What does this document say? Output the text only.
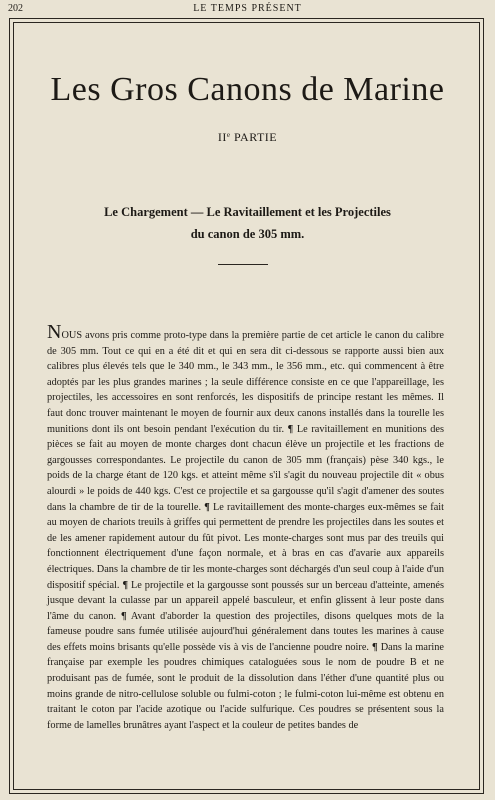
202	LE TEMPS PRÉSENT
Les Gros Canons de Marine
IIe PARTIE
Le Chargement — Le Ravitaillement et les Projectiles
du canon de 305 mm.

NOUS avons pris comme proto-type dans la première partie de cet article le canon du calibre de 305 mm. Tout ce qui en a été dit et qui en sera dit ci-dessous se rapporte aussi bien aux calibres plus élevés tels que le 340 mm., le 343 mm., le 356 mm., etc. qui commencent à être adoptés par les plus grandes marines ; la seule différence consiste en ce que l'appareillage, les projectiles, les accessoires en sont renforcés, les dispositifs de principe restant les mêmes. Il faut donc trouver maintenant le moyen de fournir aux deux canons installés dans la tourelle les munitions dont ils ont besoin pendant l'exécution du tir. ¶ Le ravitaillement en munitions des pièces se fait au moyen de monte charges dont chacun élève un projectile et les fractions de gargousses correspondantes. Le projectile du canon de 305 mm (français) pèse 340 kgs., le poids de la charge étant de 120 kgs. et atteint même s'il s'agit du nouveau projectile dit « obus alourdi » le poids de 440 kgs. C'est ce projectile et sa gargousse qu'il s'agit d'amener des soutes dans la chambre de tir de la tourelle. ¶ Le ravitaillement des monte-charges eux-mêmes se fait au moyen de chariots treuils à griffes qui permettent de prendre les projectiles dans les soutes et de les amener rapidement autour du fût pivot. Les monte-charges sont mus par des treuils qui fonctionnent électriquement d'une façon normale, et à bras en cas d'avarie aux appareils électriques. Dans la chambre de tir les monte-charges sont déchargés d'un seul coup à l'aide d'un dispositif spécial. ¶ Le projectile et la gargousse sont poussés sur un berceau d'atteinte, amenés jusque devant la culasse par un appareil appelé basculeur, et enfin glissent à leur poste dans l'âme du canon. ¶ Avant d'aborder la question des projectiles, disons quelques mots de la fameuse poudre sans fumée utilisée aujourd'hui généralement dans toutes les marines à cause des effets moins brisants qu'elle possède vis à vis de l'ancienne poudre noire. ¶ Dans la marine française par exemple les poudres chimiques cataloguées sous le nom de poudre B et ne produisant pas de fumée, sont le produit de la dissolution dans l'éther d'une quantité plus ou moins grande de nitro-cellulose soluble ou fulmi-coton ; le fulmi-coton lui-même est obtenu en traitant le coton par l'acide azotique ou l'acide sulfurique. Ces poudres se présentent sous la forme de lamelles brunâtres ayant l'aspect et la couleur de petites bandes de
